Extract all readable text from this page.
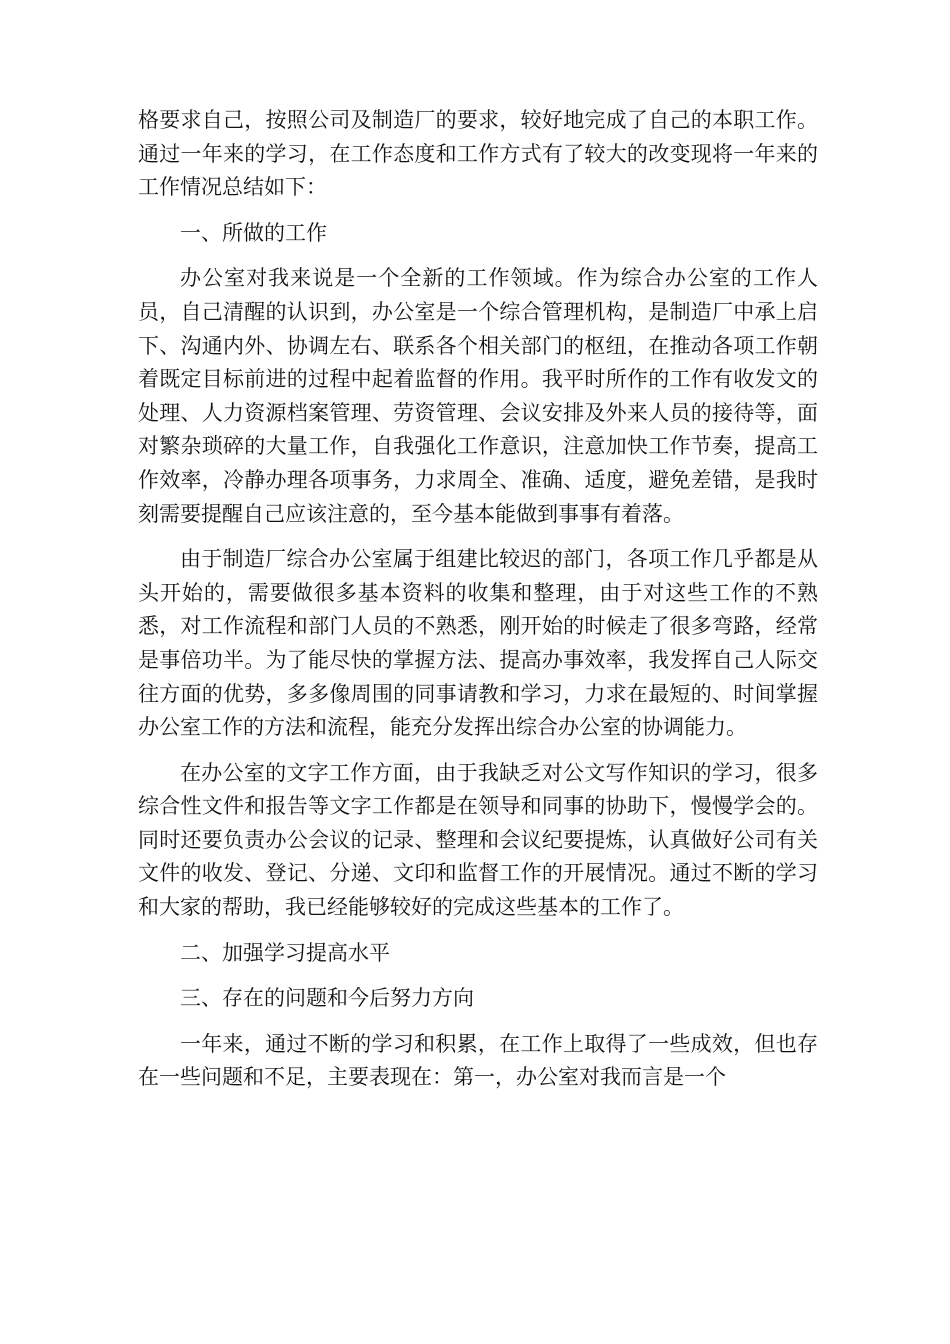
格要求自己，按照公司及制造厂的要求，较好地完成了自己的本职工作。通过一年来的学习，在工作态度和工作方式有了较大的改变现将一年来的工作情况总结如下：

一、所做的工作

办公室对我来说是一个全新的工作领域。作为综合办公室的工作人员，自己清醒的认识到，办公室是一个综合管理机构，是制造厂中承上启下、沟通内外、协调左右、联系各个相关部门的枢纽，在推动各项工作朝着既定目标前进的过程中起着监督的作用。我平时所作的工作有收发文的处理、人力资源档案管理、劳资管理、会议安排及外来人员的接待等，面对繁杂琐碎的大量工作，自我强化工作意识，注意加快工作节奏，提高工作效率，冷静办理各项事务，力求周全、准确、适度，避免差错，是我时刻需要提醒自己应该注意的，至今基本能做到事事有着落。

由于制造厂综合办公室属于组建比较迟的部门，各项工作几乎都是从头开始的，需要做很多基本资料的收集和整理，由于对这些工作的不熟悉，对工作流程和部门人员的不熟悉，刚开始的时候走了很多弯路，经常是事倍功半。为了能尽快的掌握方法、提高办事效率，我发挥自己人际交往方面的优势，多多像周围的同事请教和学习，力求在最短的、时间掌握办公室工作的方法和流程，能充分发挥出综合办公室的协调能力。

在办公室的文字工作方面，由于我缺乏对公文写作知识的学习，很多综合性文件和报告等文字工作都是在领导和同事的协助下，慢慢学会的。同时还要负责办公会议的记录、整理和会议纪要提炼，认真做好公司有关文件的收发、登记、分递、文印和监督工作的开展情况。通过不断的学习和大家的帮助，我已经能够较好的完成这些基本的工作了。

二、加强学习提高水平

三、存在的问题和今后努力方向

一年来，通过不断的学习和积累，在工作上取得了一些成效，但也存在一些问题和不足，主要表现在：第一，办公室对我而言是一个
